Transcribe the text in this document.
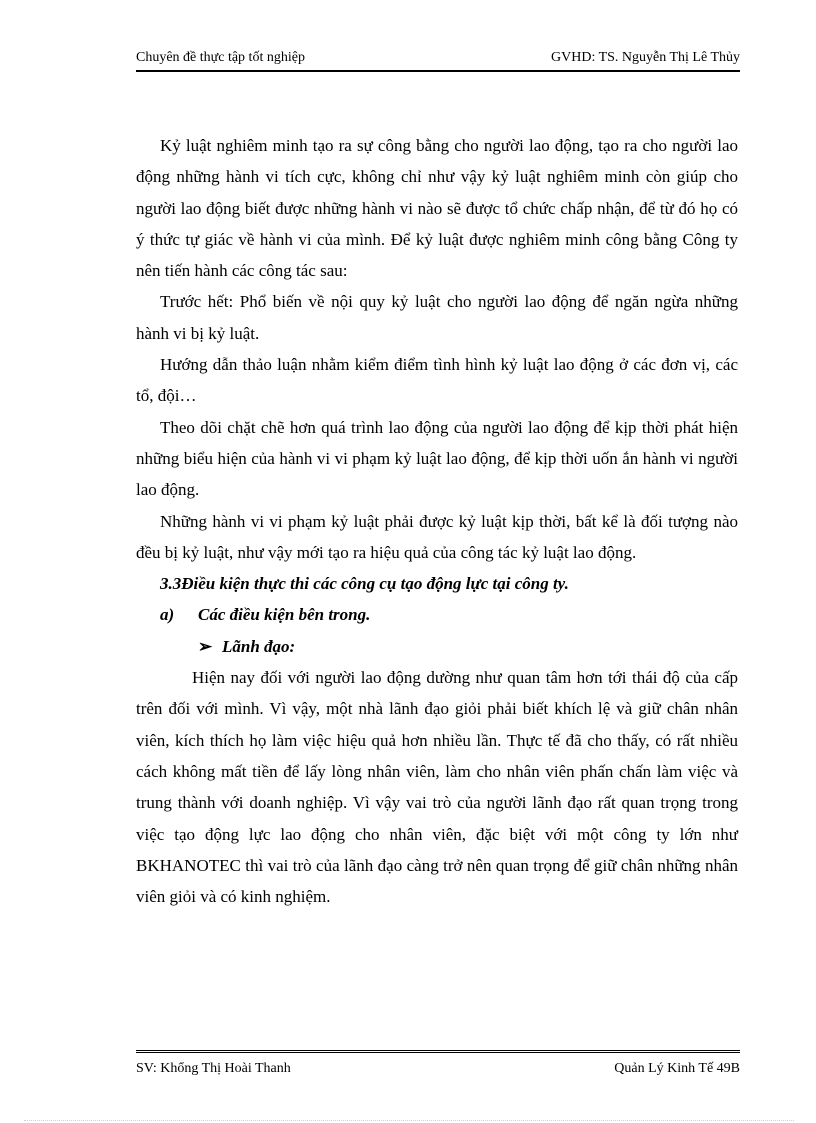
Chuyên đề thực tập tốt nghiệp	GVHD: TS. Nguyễn Thị Lê Thủy

Kỷ luật nghiêm minh tạo ra sự công bằng cho người lao động, tạo ra cho người lao động những hành vi tích cực, không chỉ như vậy kỷ luật nghiêm minh còn giúp cho người lao động biết được những hành vi nào sẽ được tổ chức chấp nhận, để từ đó họ có ý thức tự giác về hành vi của mình. Để kỷ luật được nghiêm minh công bằng Công ty nên tiến hành các công tác sau:

Trước hết: Phổ biến về nội quy kỷ luật cho người lao động để ngăn ngừa những hành vi bị kỷ luật.

Hướng dẫn thảo luận nhằm kiểm điểm tình hình kỷ luật lao động ở các đơn vị, các tổ, đội…

Theo dõi chặt chẽ hơn quá trình lao động của người lao động để kịp thời phát hiện những biểu hiện của hành vi vi phạm kỷ luật lao động, để kịp thời uốn ắn hành vi người lao động.

Những hành vi vi phạm kỷ luật phải được kỷ luật kịp thời, bất kể là đối tượng nào đều bị kỷ luật, như vậy mới tạo ra hiệu quả của công tác kỷ luật lao động.

3.3Điều kiện thực thi các công cụ tạo động lực tại công ty.

a) Các điều kiện bên trong.

➢ Lãnh đạo:

Hiện nay đối với người lao động dường như quan tâm hơn tới thái độ của cấp trên đối với mình. Vì vậy, một nhà lãnh đạo giỏi phải biết khích lệ và giữ chân nhân viên, kích thích họ làm việc hiệu quả hơn nhiều lần. Thực tế đã cho thấy, có rất nhiều cách không mất tiền để lấy lòng nhân viên, làm cho nhân viên phấn chấn làm việc và trung thành với doanh nghiệp. Vì vậy vai trò của người lãnh đạo rất quan trọng trong việc tạo động lực lao động cho nhân viên, đặc biệt với một công ty lớn như BKHANOTEC thì vai trò của lãnh đạo càng trở nên quan trọng để giữ chân những nhân viên giỏi và có kinh nghiệm.

SV: Khổng Thị Hoài Thanh	Quản Lý Kinh Tế 49B
